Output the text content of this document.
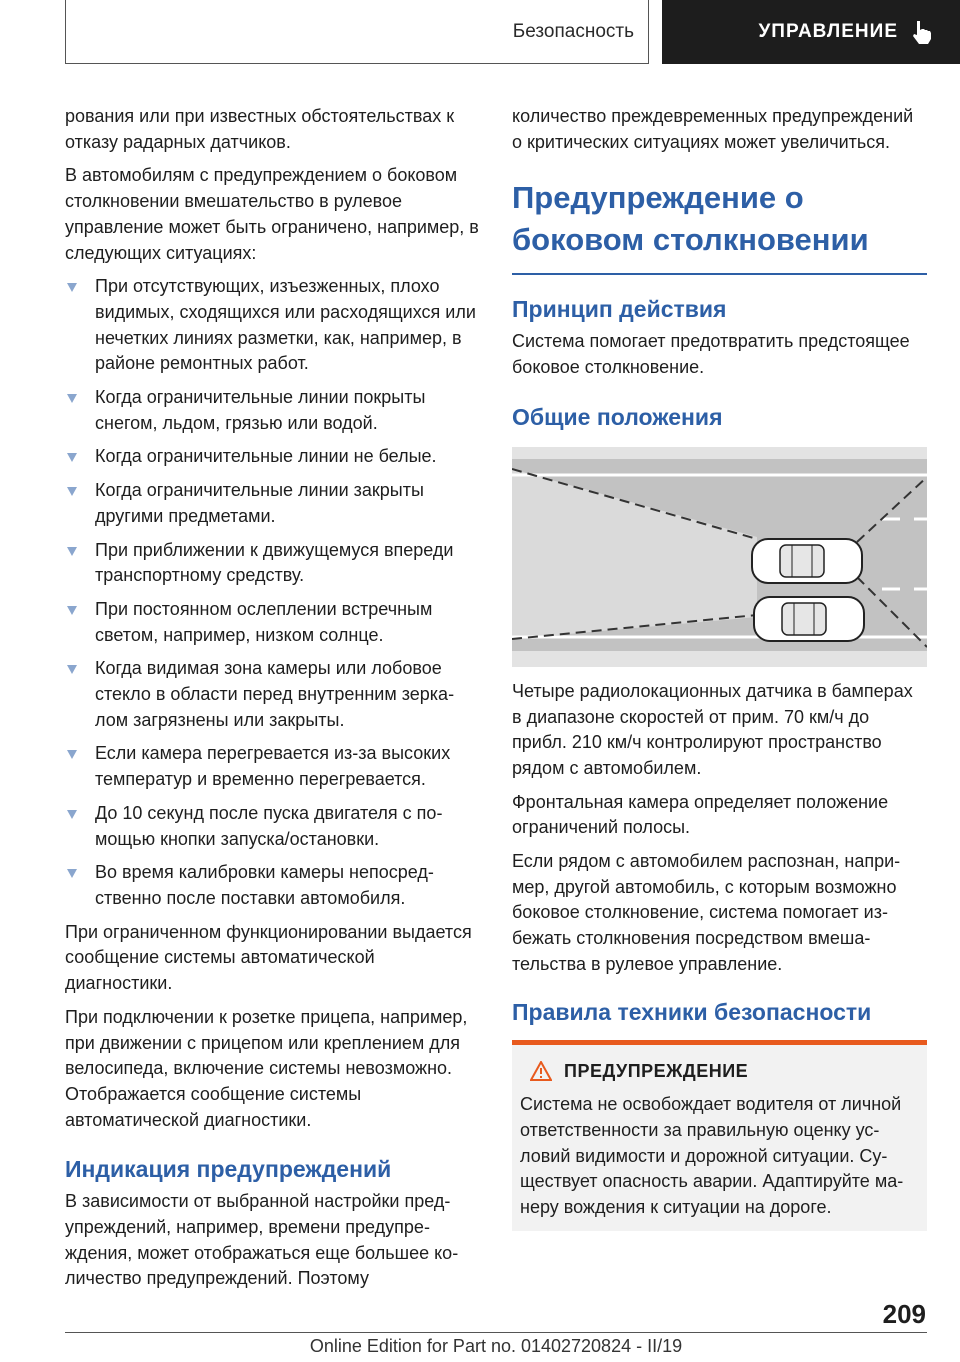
Безопасность	УПРАВЛЕНИЕ

рования или при известных обстоятельствах к отказу радарных датчиков.

В автомобилям с предупреждением о боковом столкновении вмешательство в рулевое управление может быть ограничено, например, в следующих ситуациях:

При отсутствующих, изъезженных, плохо видимых, сходящихся или расходящихся или нечетких линиях разметки, как, например, в районе ремонтных работ.
Когда ограничительные линии покрыты снегом, льдом, грязью или водой.
Когда ограничительные линии не белые.
Когда ограничительные линии закрыты другими предметами.
При приближении к движущемуся впереди транспортному средству.
При постоянном ослеплении встречным светом, например, низком солнце.
Когда видимая зона камеры или лобовое стекло в области перед внутренним зеркалом загрязнены или закрыты.
Если камера перегревается из-за высоких температур и временно перегревается.
До 10 секунд после пуска двигателя с помощью кнопки запуска/остановки.
Во время калибровки камеры непосредственно после поставки автомобиля.

При ограниченном функционировании выдается сообщение системы автоматической диагностики.

При подключении к розетке прицепа, например, при движении с прицепом или креплением для велосипеда, включение системы невозможно. Отображается сообщение системы автоматической диагностики.

Индикация предупреждений

В зависимости от выбранной настройки предупреждений, например, времени предупреждения, может отображаться еще большее количество предупреждений. Поэтому

количество преждевременных предупреждений о критических ситуациях может увеличиться.

Предупреждение о боковом столкновении
Принцип действия

Система помогает предотвратить предстоящее боковое столкновение.

Общие положения

Четыре радиолокационных датчика в бамперах в диапазоне скоростей от прим. 70 км/ч до прибл. 210 км/ч контролируют пространство рядом с автомобилем.

Фронтальная камера определяет положение ограничений полосы.

Если рядом с автомобилем распознан, например, другой автомобиль, с которым возможно боковое столкновение, система помогает избежать столкновения посредством вмешательства в рулевое управление.

Правила техники безопасности
ПРЕДУПРЕЖДЕНИЕ

Система не освобождает водителя от личной ответственности за правильную оценку условий видимости и дорожной ситуации. Существует опасность аварии. Адаптируйте манеру вождения к ситуации на дороге.

209
Online Edition for Part no. 01402720824 - II/19
